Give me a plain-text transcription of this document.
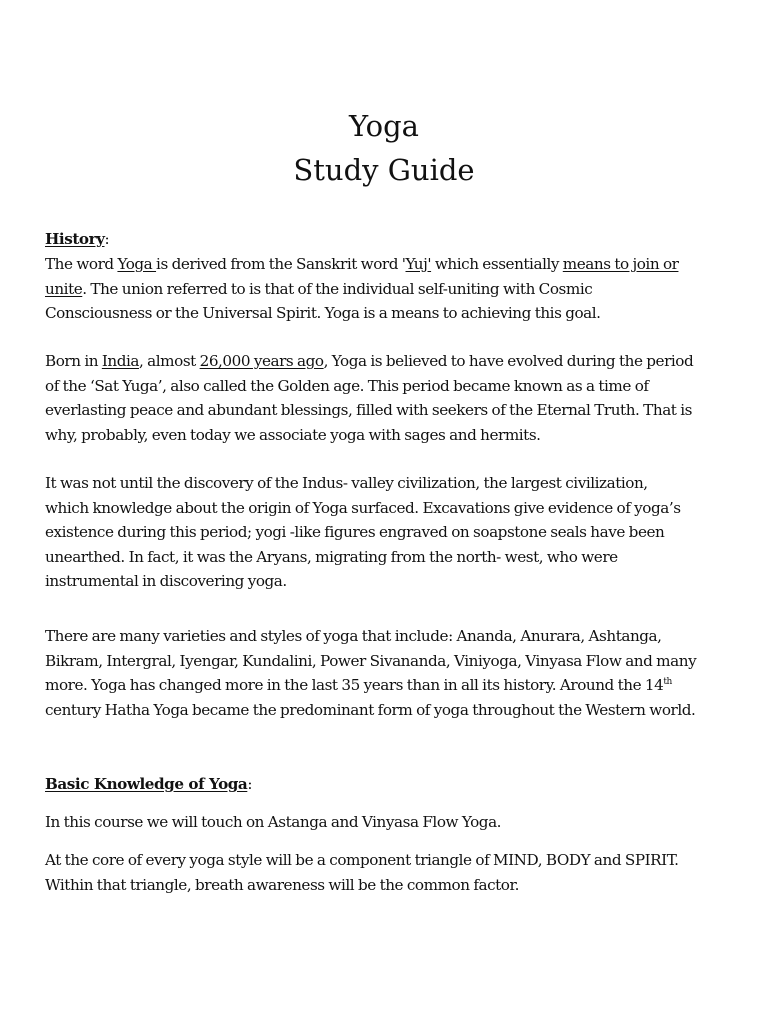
Yoga
Study Guide
History:
The word Yoga is derived from the Sanskrit word 'Yuj' which essentially means to join or
unite. The union referred to is that of the individual self-uniting with Cosmic
Consciousness or the Universal Spirit. Yoga is a means to achieving this goal.
Born in India, almost 26,000 years ago, Yoga is believed to have evolved during the period
of the ‘Sat Yuga’, also called the Golden age. This period became known as a time of
everlasting peace and abundant blessings, filled with seekers of the Eternal Truth. That is
why, probably, even today we associate yoga with sages and hermits.
It was not until the discovery of the Indus- valley civilization, the largest civilization,
which knowledge about the origin of Yoga surfaced. Excavations give evidence of yoga’s
existence during this period; yogi -like figures engraved on soapstone seals have been
unearthed. In fact, it was the Aryans, migrating from the north- west, who were
instrumental in discovering yoga.
There are many varieties and styles of yoga that include: Ananda, Anurara, Ashtanga,
Bikram, Intergral, Iyengar, Kundalini, Power Sivananda, Viniyoga, Vinyasa Flow and many
more. Yoga has changed more in the last 35 years than in all its history. Around the 14th
century Hatha Yoga became the predominant form of yoga throughout the Western world.
Basic Knowledge of Yoga:
In this course we will touch on Astanga and Vinyasa Flow Yoga.
At the core of every yoga style will be a component triangle of MIND, BODY and SPIRIT.
Within that triangle, breath awareness will be the common factor.
